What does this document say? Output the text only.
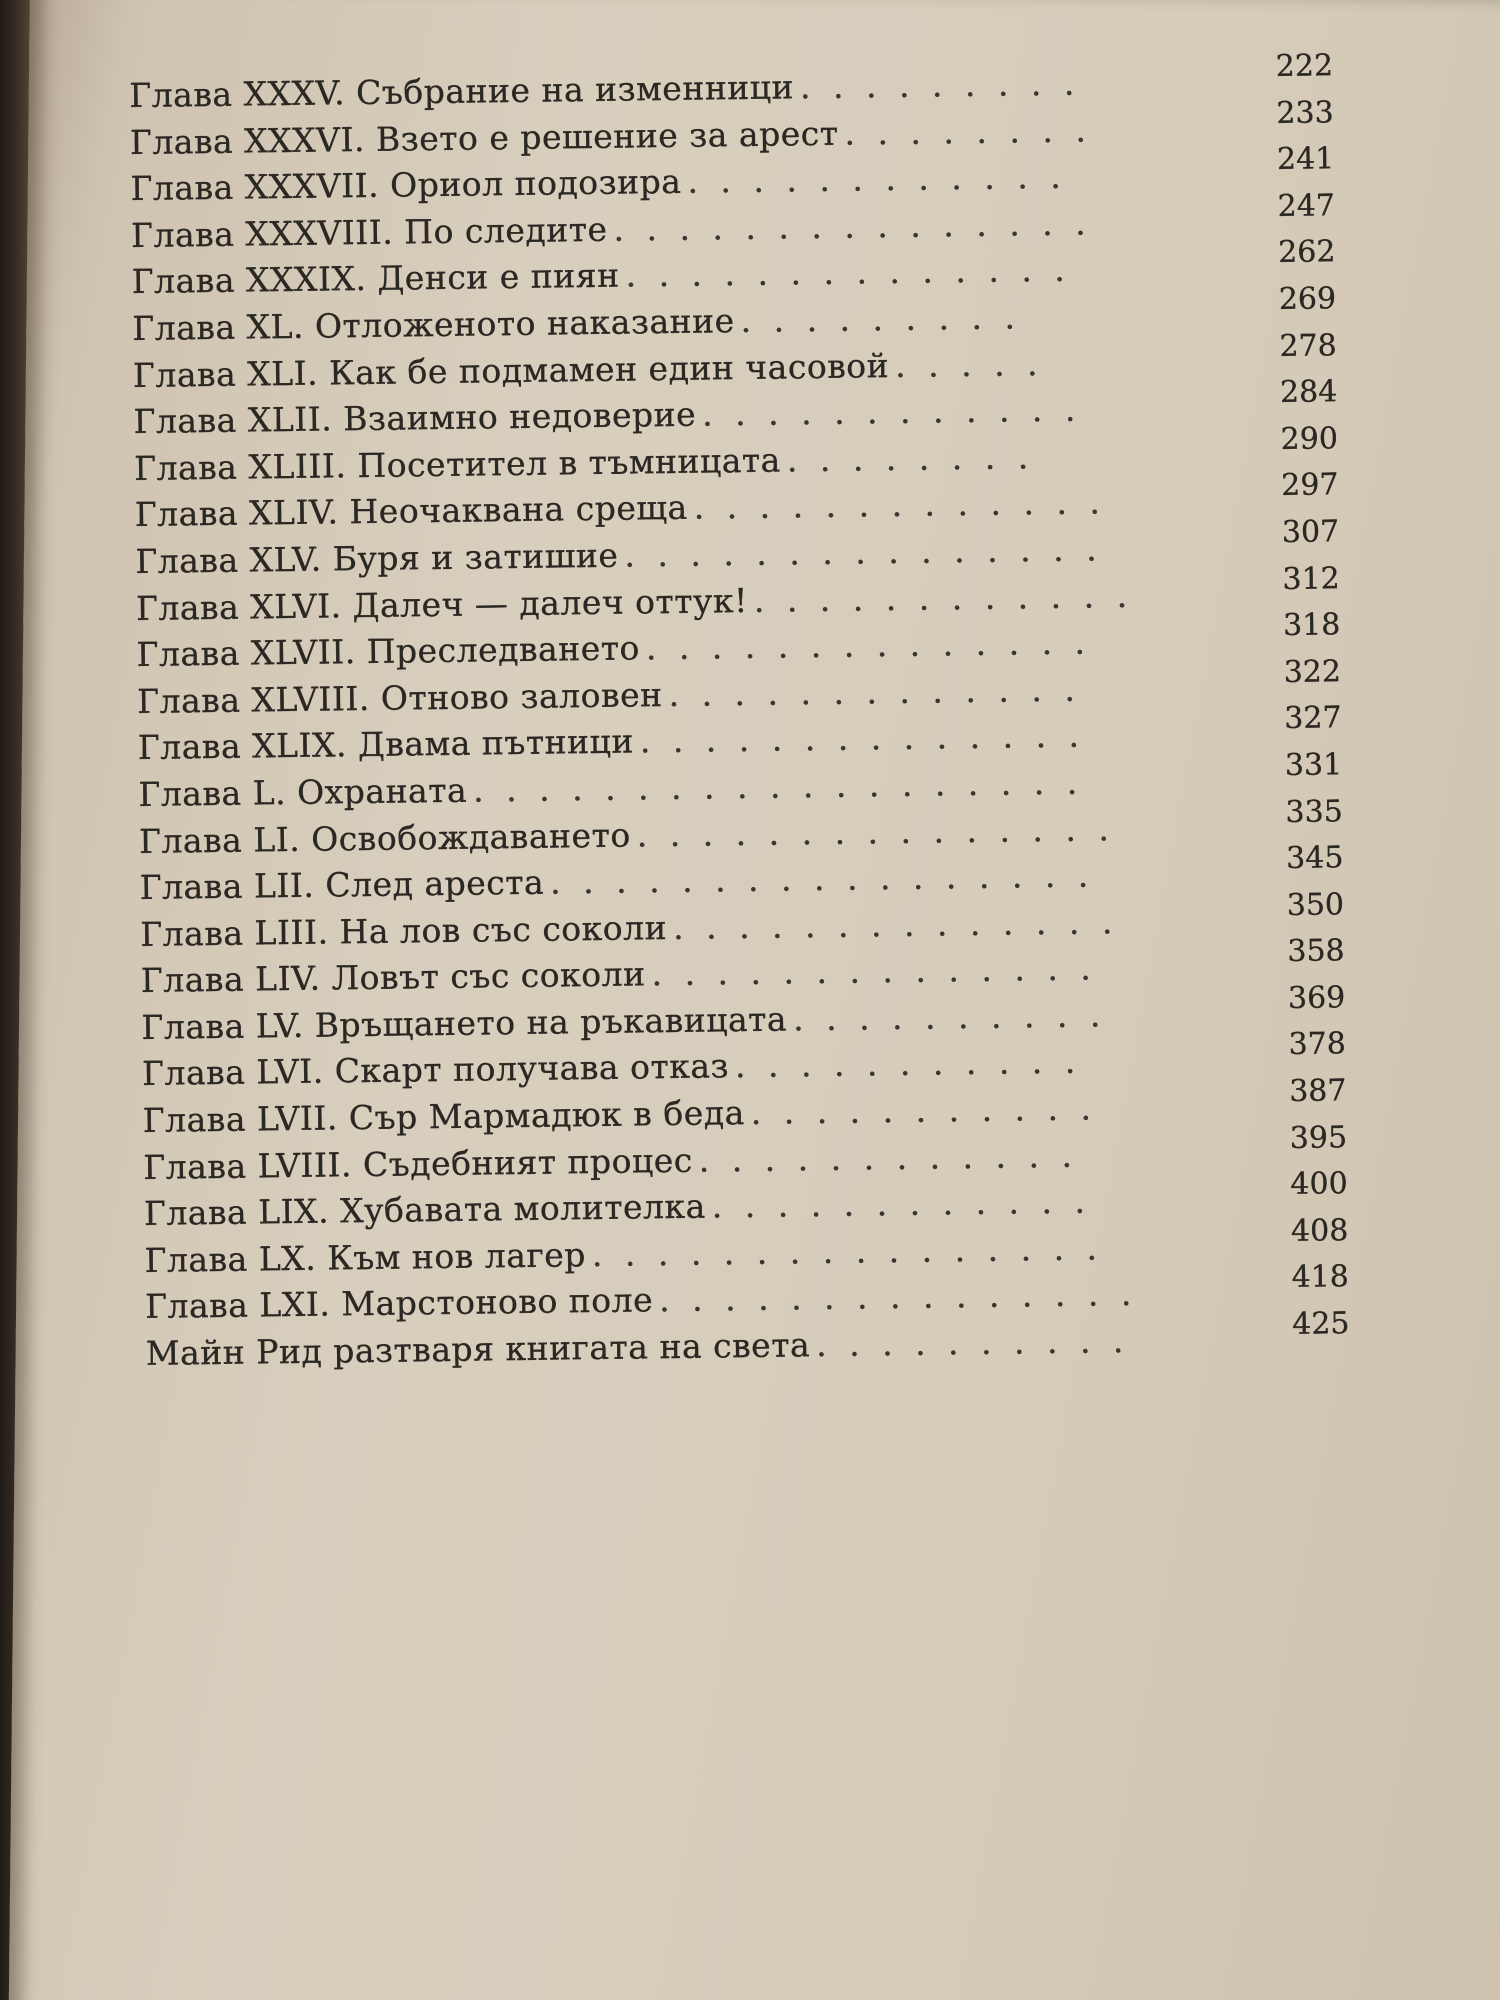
Глава XXXV. Събрание на изменници . . . . . . . . .	222
Глава XXXVI. Взето е решение за арест . . . . . . . .	233
Глава XXXVII. Ориол подозира . . . . . . . . . . . .	241
Глава XXXVIII. По следите . . . . . . . . . . . . . . .	247
Глава XXXIX. Денси е пиян . . . . . . . . . . . . . .	262
Глава XL. Отложеното наказание . . . . . . . . .	269
Глава XLI. Как бе подмамен един часовой . . . . .	278
Глава XLII. Взаимно недоверие . . . . . . . . . . . .	284
Глава XLIII. Посетител в тъмницата . . . . . . . .	290
Глава XLIV. Неочаквана среща . . . . . . . . . . . . .	297
Глава XLV. Буря и затишие . . . . . . . . . . . . . . .	307
Глава XLVI. Далеч — далеч оттук! . . . . . . . . . . . .	312
Глава XLVII. Преследването . . . . . . . . . . . . . .	318
Глава XLVIII. Отново заловен . . . . . . . . . . . . .	322
Глава XLIX. Двама пътници . . . . . . . . . . . . . .	327
Глава L. Охраната . . . . . . . . . . . . . . . . . . .	331
Глава LI. Освобождаването . . . . . . . . . . . . . . .	335
Глава LII. След ареста . . . . . . . . . . . . . . . . .	345
Глава LIII. На лов със соколи . . . . . . . . . . . . . .	350
Глава LIV. Ловът със соколи . . . . . . . . . . . . . .	358
Глава LV. Връщането на ръкавицата . . . . . . . . . .	369
Глава LVI. Скарт получава отказ . . . . . . . . . . .	378
Глава LVII. Сър Мармадюк в беда . . . . . . . . . . .	387
Глава LVIII. Съдебният процес . . . . . . . . . . . .	395
Глава LIX. Хубавата молителка . . . . . . . . . . . .	400
Глава LX. Към нов лагер . . . . . . . . . . . . . . . .	408
Глава LXI. Марстоново поле . . . . . . . . . . . . . . .	418
Майн Рид разтваря книгата на света . . . . . . . . . .	425
